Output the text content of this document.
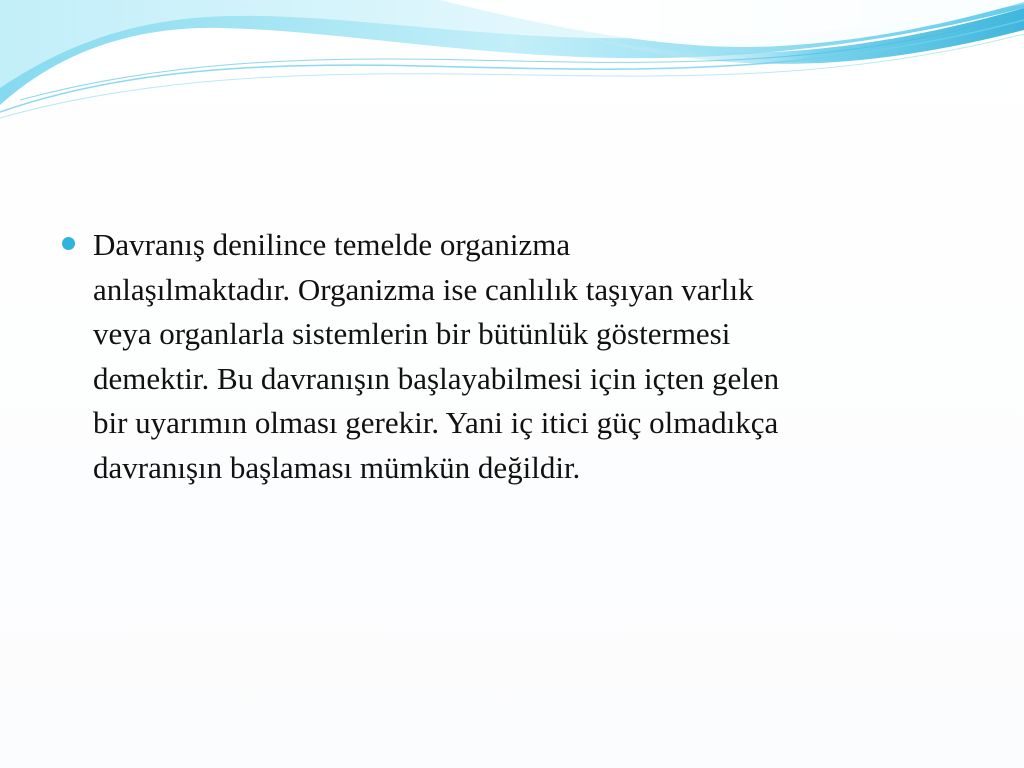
Davranış denilince temelde organizma
anlaşılmaktadır. Organizma ise canlılık taşıyan varlık
veya organlarla sistemlerin bir bütünlük göstermesi
demektir. Bu davranışın başlayabilmesi için içten gelen
bir uyarımın olması gerekir. Yani iç itici güç olmadıkça
davranışın başlaması mümkün değildir.
